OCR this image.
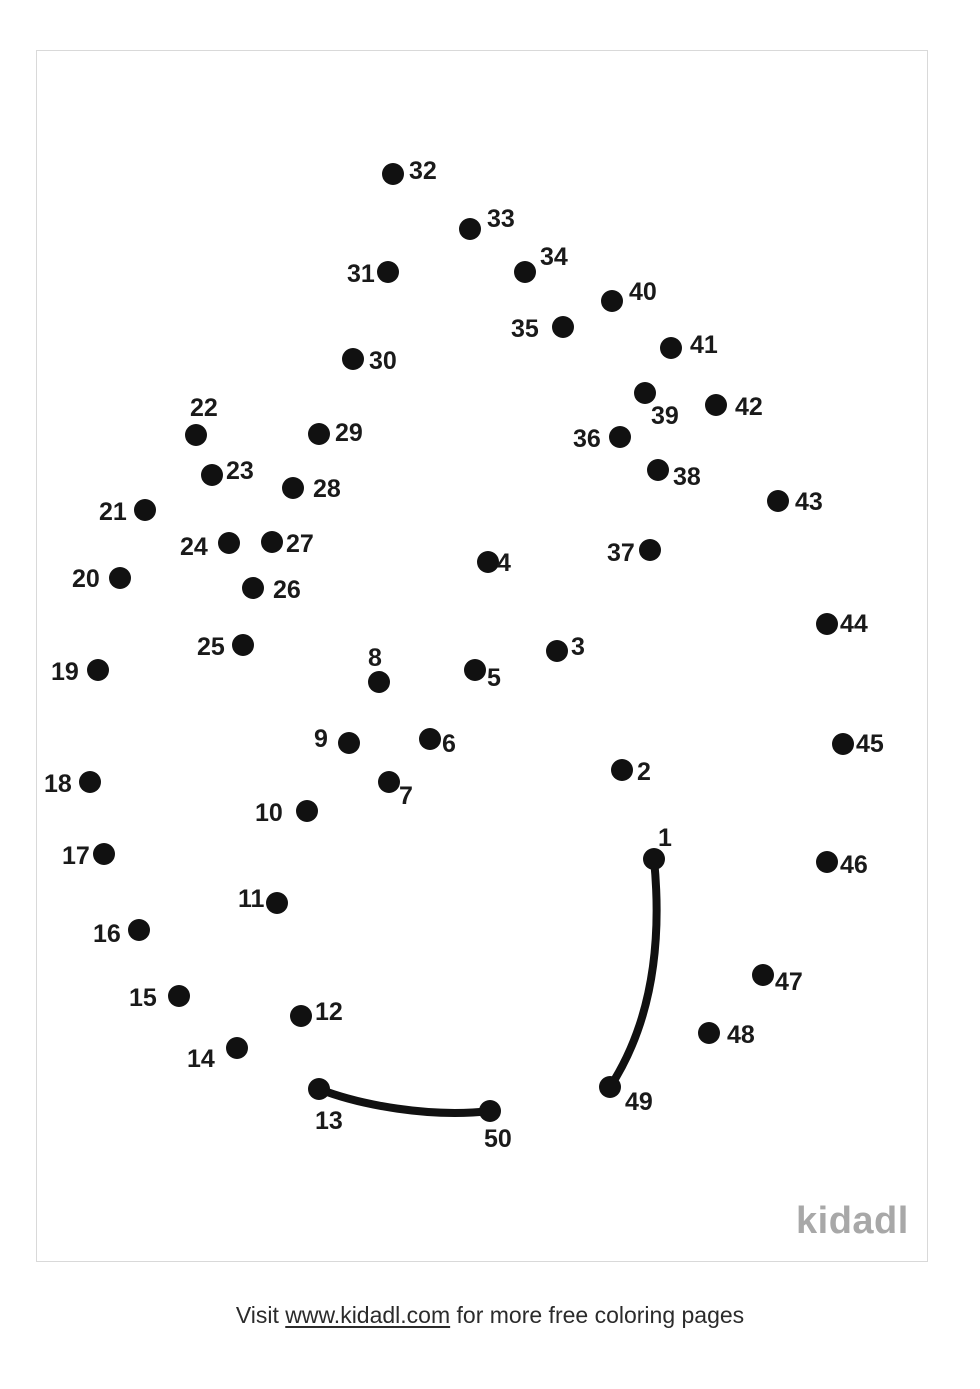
1
2
3
4
5
6
7
8
9
10
11
12
13
14
15
16
17
18
19
20
21
22
23
24
25
26
27
28
29
30
31
32
33
34
35
36
37
38
39
40
41
42
43
44
45
46
47
48
49
50
kidadl
Visit www.kidadl.com for more free coloring pages
